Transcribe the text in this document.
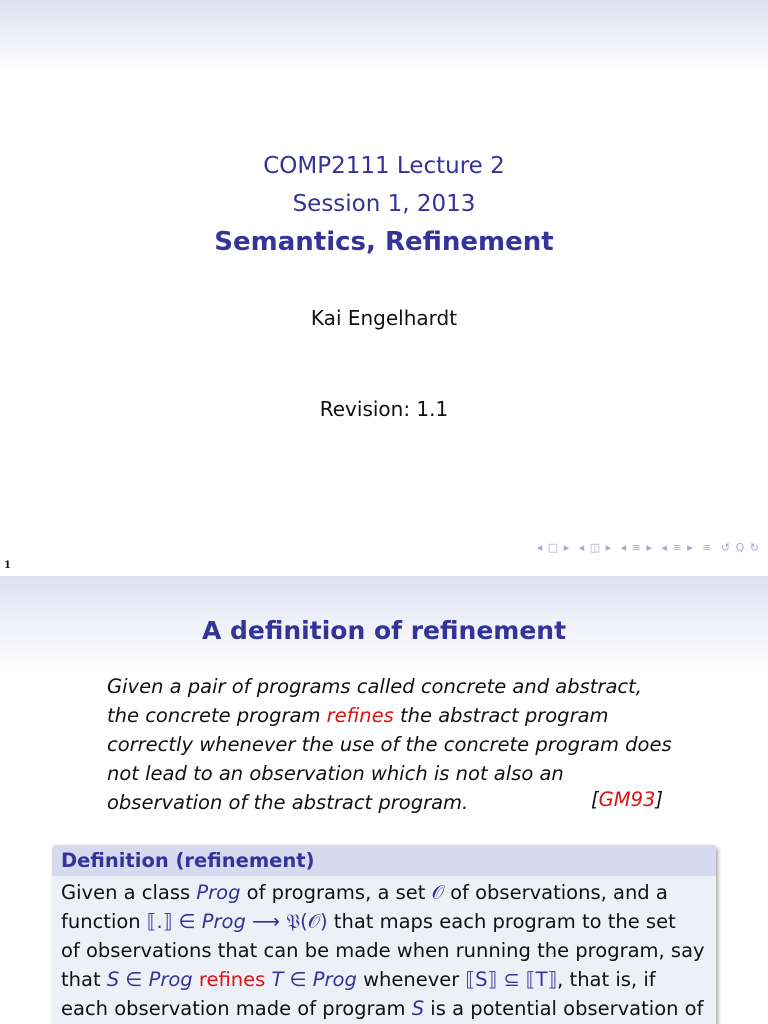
COMP2111 Lecture 2
Session 1, 2013
Semantics, Refinement
Kai Engelhardt
Revision: 1.1
◂ □ ▸ ◂ ◫ ▸ ◂ ≡ ▸ ◂ ≡ ▸ ≡ ↺ Q ↻
1
A definition of refinement
Given a pair of programs called concrete and abstract,
the concrete program refines the abstract program
correctly whenever the use of the concrete program does
not lead to an observation which is not also an
observation of the abstract program.	[GM93]
Definition (refinement)
Given a class Prog of programs, a set 𝒪 of observations, and a
function ⟦.⟧ ∈ Prog ⟶ 𝔓(𝒪) that maps each program to the set
of observations that can be made when running the program, say
that S ∈ Prog refines T ∈ Prog whenever ⟦S⟧ ⊆ ⟦T⟧, that is, if
each observation made of program S is a potential observation of
